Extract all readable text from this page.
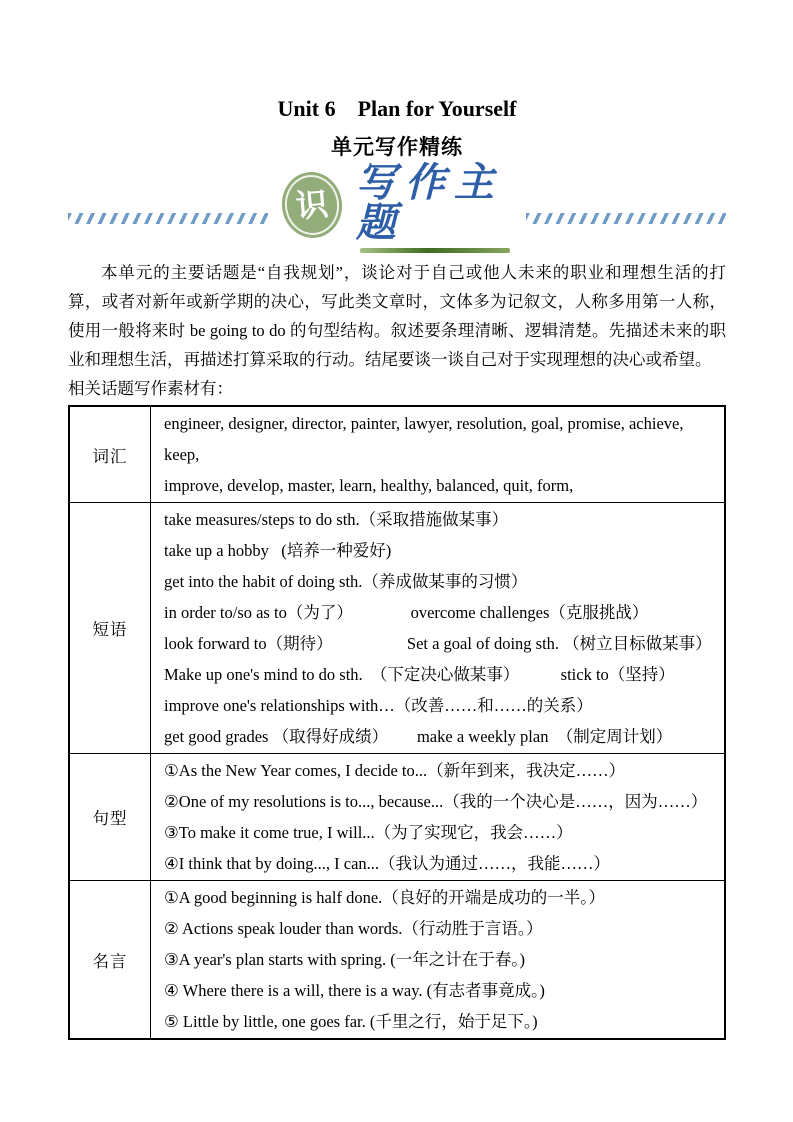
Unit 6    Plan for Yourself
单元写作精练
识
写作主题

本单元的主要话题是“自我规划”，谈论对于自己或他人未来的职业和理想生活的打算，或者对新年或新学期的决心，写此类文章时，文体多为记叙文，人称多用第一人称，使用一般将来时 be going to do 的句型结构。叙述要条理清晰、逻辑清楚。先描述未来的职业和理想生活，再描述打算采取的行动。结尾要谈一谈自己对于实现理想的决心或希望。

相关话题写作素材有：

词汇
engineer, designer, director, painter, lawyer, resolution, goal, promise, achieve, keep,
improve, develop, master, learn, healthy, balanced, quit, form,
短语
take measures/steps to do sth.（采取措施做某事）
take up a hobby   (培养一种爱好)
get into the habit of doing sth.（养成做某事的习惯）
in order to/so as to（为了）              overcome challenges（克服挑战）
look forward to（期待）                  Set a goal of doing sth. （树立目标做某事）
Make up one's mind to do sth.  （下定决心做某事）          stick to（坚持）
improve one's relationships with…（改善……和……的关系）
get good grades （取得好成绩）       make a weekly plan  （制定周计划）
句型
①As the New Year comes, I decide to...（新年到来，我决定……）
②One of my resolutions is to..., because...（我的一个决心是……，因为……）
③To make it come true, I will...（为了实现它，我会……）
④I think that by doing..., I can...（我认为通过……，我能……）
名言
①A good beginning is half done.（良好的开端是成功的一半。）
② Actions speak louder than words.（行动胜于言语。）
③A year's plan starts with spring. (一年之计在于春。)
④ Where there is a will, there is a way. (有志者事竟成。)
⑤ Little by little, one goes far. (千里之行，始于足下。)
